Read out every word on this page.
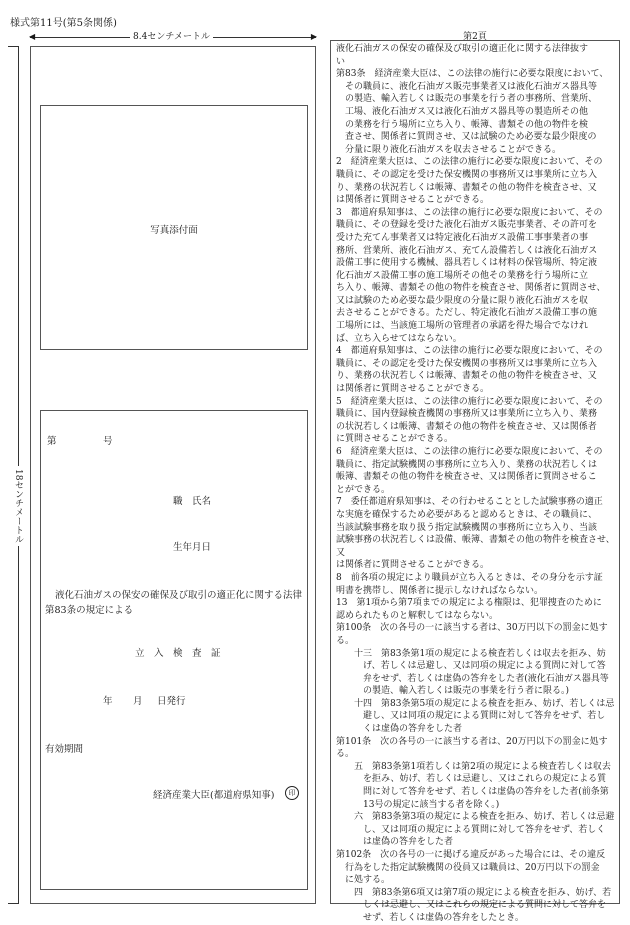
様式第11号(第5条関係)
◀	▶
8.4センチメートル
18センチメートル
写真添付面
第	号
職　氏名
生年月日
液化石油ガスの保安の確保及び取引の適正化に関する法律
第83条の規定による
立　入　検　査　証
年 月 日発行
有効期間
経済産業大臣(都道府県知事)	印
第2頁
液化石油ガスの保安の確保及び取引の適正化に関する法律抜す
い
第83条　経済産業大臣は、この法律の施行に必要な限度において、
　その職員に、液化石油ガス販売事業者又は液化石油ガス器具等
　の製造、輸入若しくは販売の事業を行う者の事務所、営業所、
　工場、液化石油ガス又は液化石油ガス器具等の製造所その他
　の業務を行う場所に立ち入り、帳簿、書類その他の物件を検
　査させ、関係者に質問させ、又は試験のため必要な最少限度の
　分量に限り液化石油ガスを収去させることができる。
2　経済産業大臣は、この法律の施行に必要な限度において、その
職員に、その認定を受けた保安機関の事務所又は事業所に立ち入
り、業務の状況若しくは帳簿、書類その他の物件を検査させ、又
は関係者に質問させることができる。
3　都道府県知事は、この法律の施行に必要な限度において、その
職員に、その登録を受けた液化石油ガス販売事業者、その許可を
受けた充てん事業者又は特定液化石油ガス設備工事事業者の事
務所、営業所、液化石油ガス、充てん設備若しくは液化石油ガス
設備工事に使用する機械、器具若しくは材料の保管場所、特定液
化石油ガス設備工事の施工場所その他その業務を行う場所に立
ち入り、帳簿、書類その他の物件を検査させ、関係者に質問させ、
又は試験のため必要な最少限度の分量に限り液化石油ガスを収
去させることができる。ただし、特定液化石油ガス設備工事の施
工場所には、当該施工場所の管理者の承諾を得た場合でなけれ
ば、立ち入らせてはならない。
4　都道府県知事は、この法律の施行に必要な限度において、その
職員に、その認定を受けた保安機関の事務所又は事業所に立ち入
り、業務の状況若しくは帳簿、書類その他の物件を検査させ、又
は関係者に質問させることができる。
5　経済産業大臣は、この法律の施行に必要な限度において、その
職員に、国内登録検査機関の事務所又は事業所に立ち入り、業務
の状況若しくは帳簿、書類その他の物件を検査させ、又は関係者
に質問させることができる。
6　経済産業大臣は、この法律の施行に必要な限度において、その
職員に、指定試験機関の事務所に立ち入り、業務の状況若しくは
帳簿、書類その他の物件を検査させ、又は関係者に質問させるこ
とができる。
7　委任都道府県知事は、その行わせることとした試験事務の適正
な実施を確保するため必要があると認めるときは、その職員に、
当該試験事務を取り扱う指定試験機関の事務所に立ち入り、当該
試験事務の状況若しくは設備、帳簿、書類その他の物件を検査させ、又
は関係者に質問させることができる。
8　前各項の規定により職員が立ち入るときは、その身分を示す証
明書を携帯し、関係者に提示しなければならない。
13　第1項から第7項までの規定による権限は、犯罪捜査のために
認められたものと解釈してはならない。
第100条　次の各号の一に該当する者は、30万円以下の罰金に処す
る。
　　十三　第83条第1項の規定による検査若しくは収去を拒み、妨
　　　げ、若しくは忌避し、又は同項の規定による質問に対して答
　　　弁をせず、若しくは虚偽の答弁をした者(液化石油ガス器具等
　　　の製造、輸入若しくは販売の事業を行う者に限る。)
　　十四　第83条第5項の規定による検査を拒み、妨げ、若しくは忌
　　　避し、又は同項の規定による質問に対して答弁をせず、若し
　　　くは虚偽の答弁をした者
第101条　次の各号の一に該当する者は、20万円以下の罰金に処す
る。
　　五　第83条第1項若しくは第2項の規定による検査若しくは収去
　　　を拒み、妨げ、若しくは忌避し、又はこれらの規定による質
　　　問に対して答弁をせず、若しくは虚偽の答弁をした者(前条第
　　　13号の規定に該当する者を除く。)
　　六　第83条第3項の規定による検査を拒み、妨げ、若しくは忌避
　　　し、又は同項の規定による質問に対して答弁をせず、若しく
　　　は虚偽の答弁をした者
第102条　次の各号の一に掲げる違反があった場合には、その違反
　行為をした指定試験機関の役員又は職員は、20万円以下の罰金
　に処する。
　　四　第83条第6項又は第7項の規定による検査を拒み、妨げ、若
　　　しくは忌避し、又はこれらの規定による質問に対して答弁を
　　　せず、若しくは虚偽の答弁をしたとき。
